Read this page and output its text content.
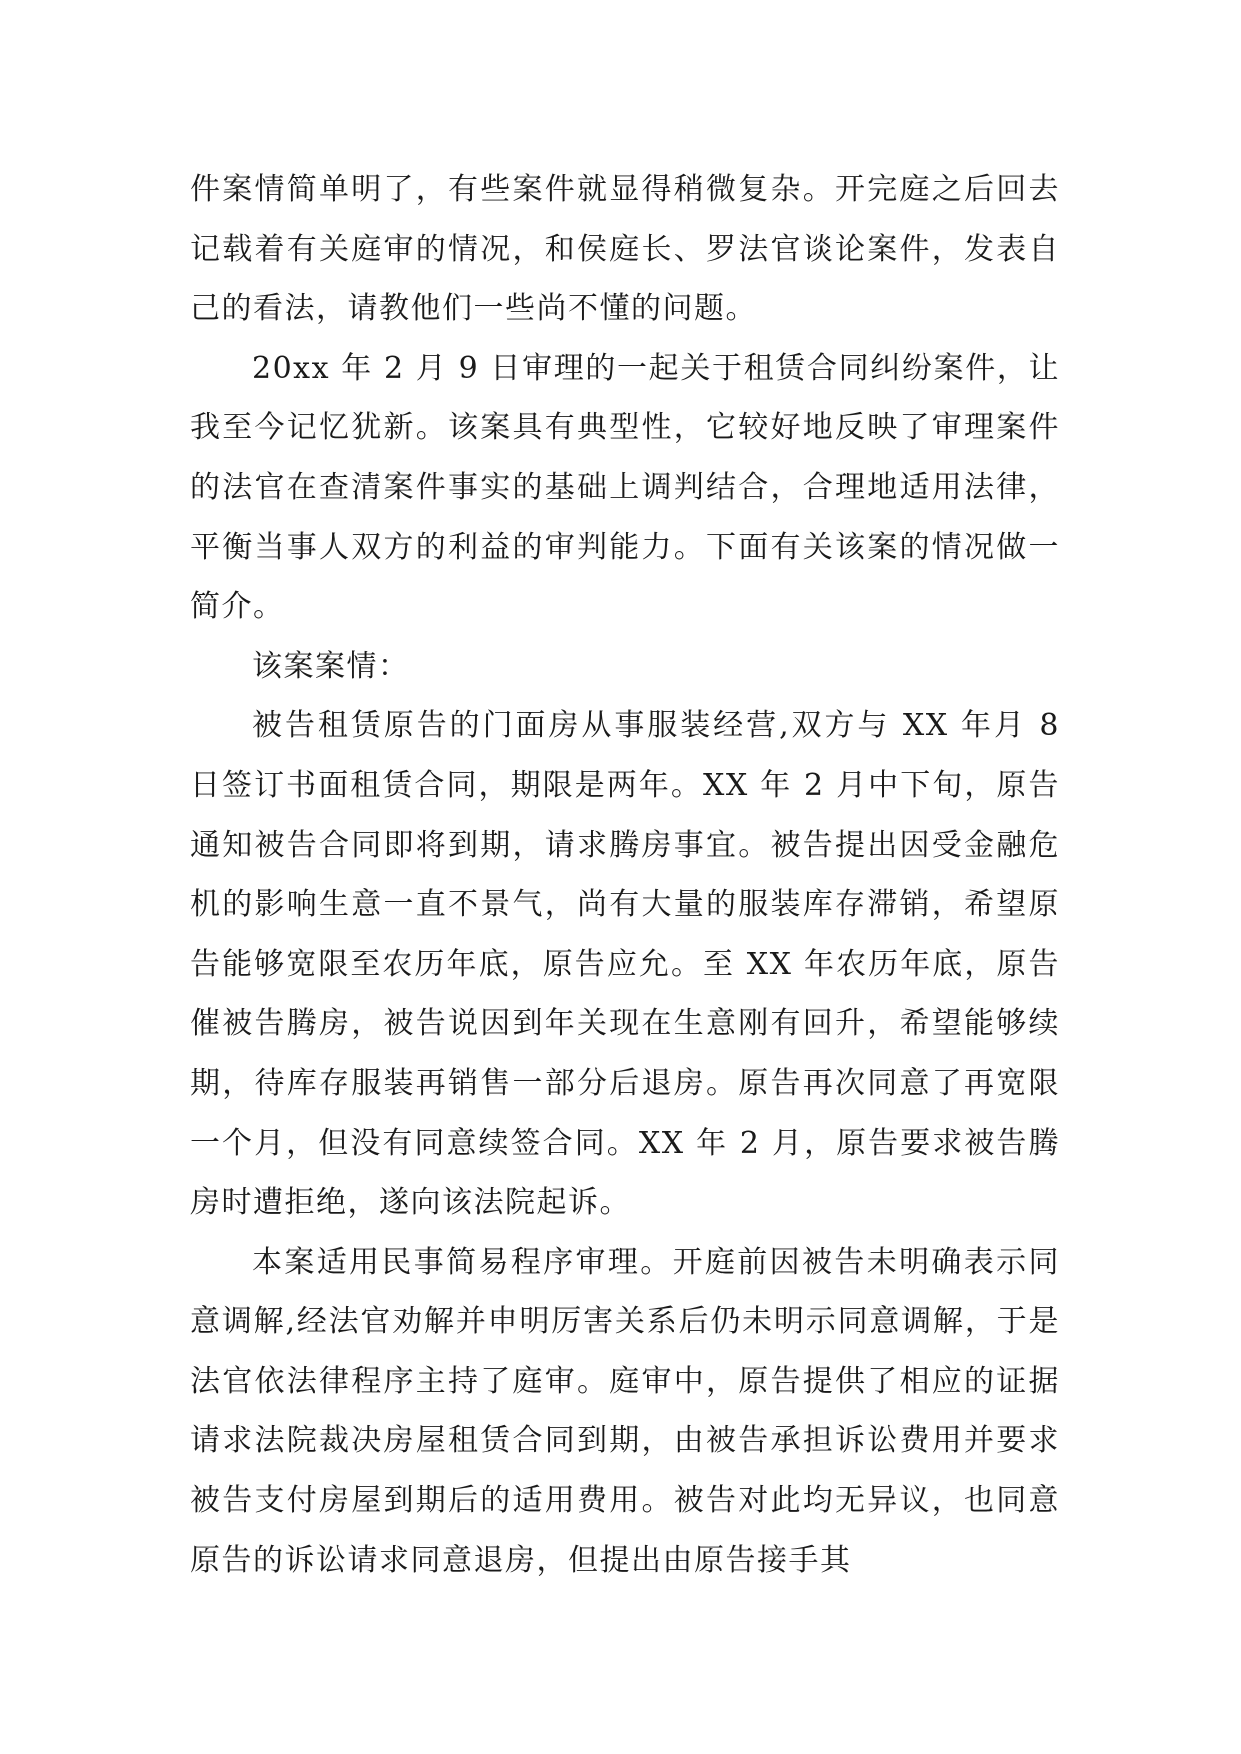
件案情简单明了，有些案件就显得稍微复杂。开完庭之后回去记载着有关庭审的情况，和侯庭长、罗法官谈论案件，发表自己的看法，请教他们一些尚不懂的问题。

20xx 年 2 月 9 日审理的一起关于租赁合同纠纷案件，让我至今记忆犹新。该案具有典型性，它较好地反映了审理案件的法官在查清案件事实的基础上调判结合，合理地适用法律，平衡当事人双方的利益的审判能力。下面有关该案的情况做一简介。

该案案情：

被告租赁原告的门面房从事服装经营,双方与 XX 年月 8 日签订书面租赁合同，期限是两年。XX 年 2 月中下旬，原告通知被告合同即将到期，请求腾房事宜。被告提出因受金融危机的影响生意一直不景气，尚有大量的服装库存滞销，希望原告能够宽限至农历年底，原告应允。至 XX 年农历年底，原告催被告腾房，被告说因到年关现在生意刚有回升，希望能够续期，待库存服装再销售一部分后退房。原告再次同意了再宽限一个月，但没有同意续签合同。XX 年 2 月，原告要求被告腾房时遭拒绝，遂向该法院起诉。

本案适用民事简易程序审理。开庭前因被告未明确表示同意调解,经法官劝解并申明厉害关系后仍未明示同意调解，于是法官依法律程序主持了庭审。庭审中，原告提供了相应的证据请求法院裁决房屋租赁合同到期，由被告承担诉讼费用并要求被告支付房屋到期后的适用费用。被告对此均无异议，也同意原告的诉讼请求同意退房，但提出由原告接手其
